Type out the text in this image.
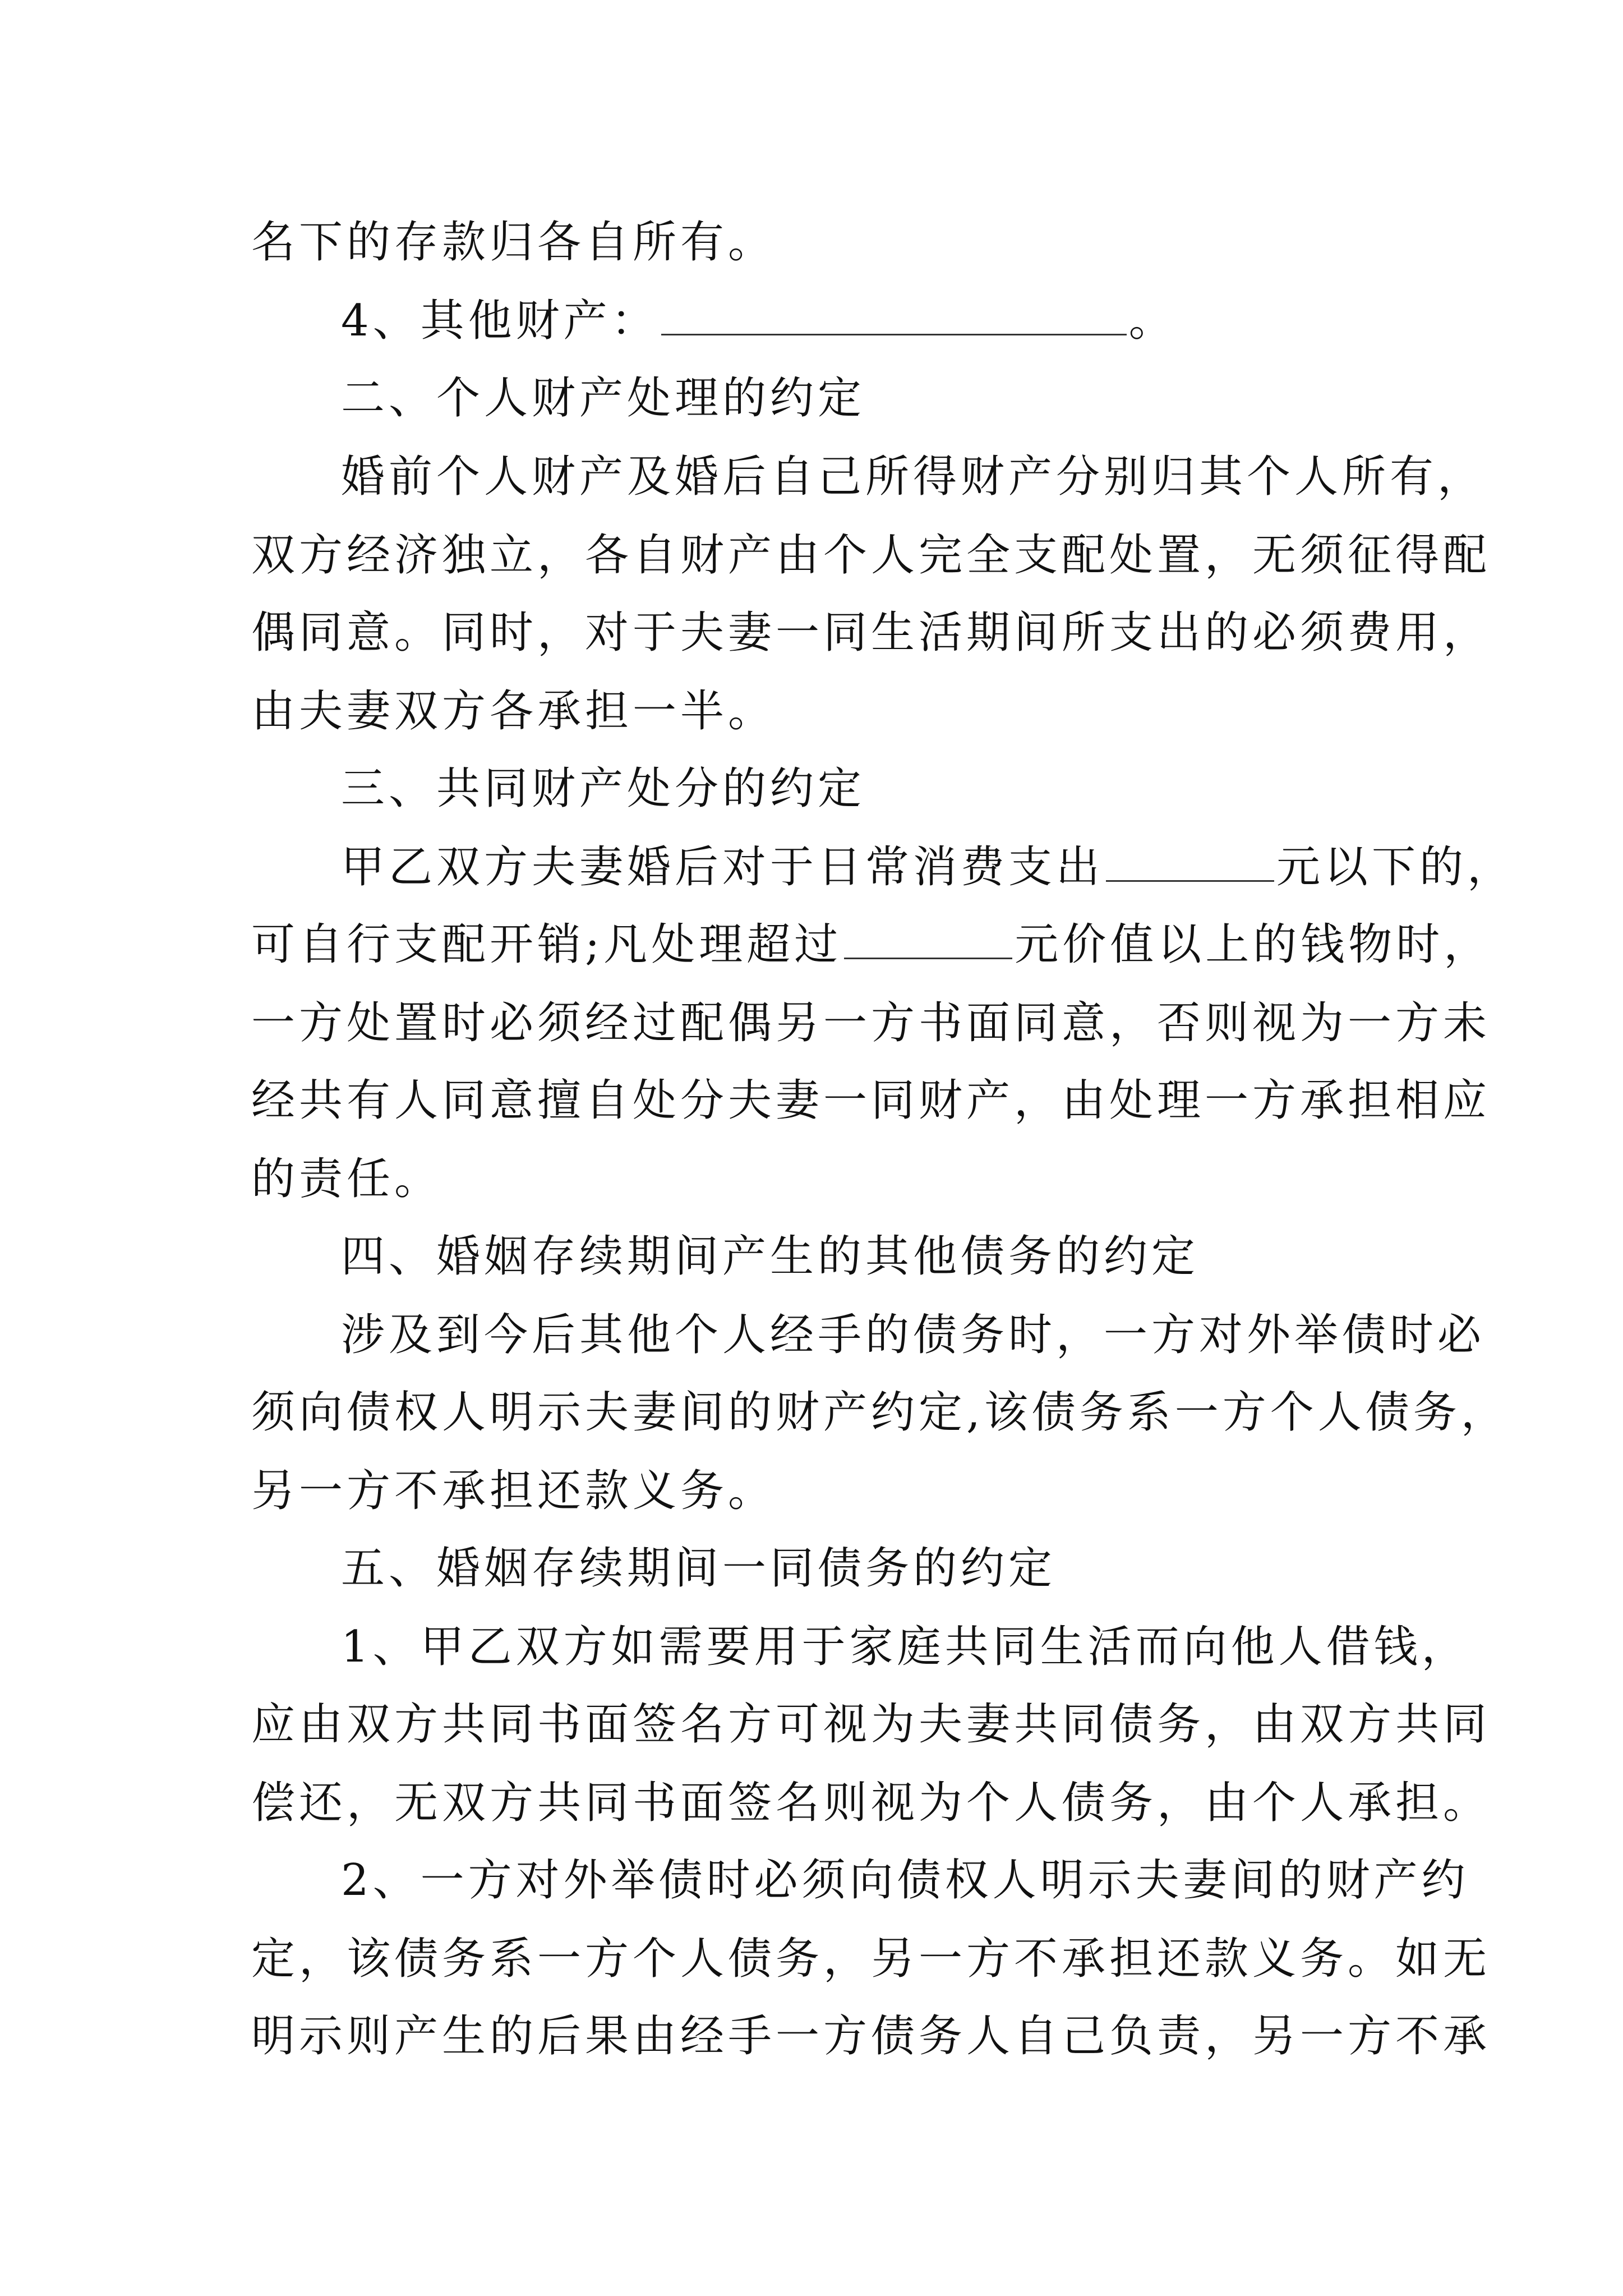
名下的存款归各自所有。
4、其他财产：	。
二、个人财产处理的约定
婚前个人财产及婚后自己所得财产分别归其个人所有，
双方经济独立，各自财产由个人完全支配处置，无须征得配
偶同意。同时，对于夫妻一同生活期间所支出的必须费用，
由夫妻双方各承担一半。
三、共同财产处分的约定
甲乙双方夫妻婚后对于日常消费支出	元以下的，
可自行支配开销;凡处理超过	元价值以上的钱物时，
一方处置时必须经过配偶另一方书面同意，否则视为一方未
经共有人同意擅自处分夫妻一同财产，由处理一方承担相应
的责任。
四、婚姻存续期间产生的其他债务的约定
涉及到今后其他个人经手的债务时，一方对外举债时必
须向债权人明示夫妻间的财产约定,该债务系一方个人债务，
另一方不承担还款义务。
五、婚姻存续期间一同债务的约定
1、甲乙双方如需要用于家庭共同生活而向他人借钱，
应由双方共同书面签名方可视为夫妻共同债务，由双方共同
偿还，无双方共同书面签名则视为个人债务，由个人承担。
2、一方对外举债时必须向债权人明示夫妻间的财产约
定，该债务系一方个人债务，另一方不承担还款义务。如无
明示则产生的后果由经手一方债务人自己负责，另一方不承
